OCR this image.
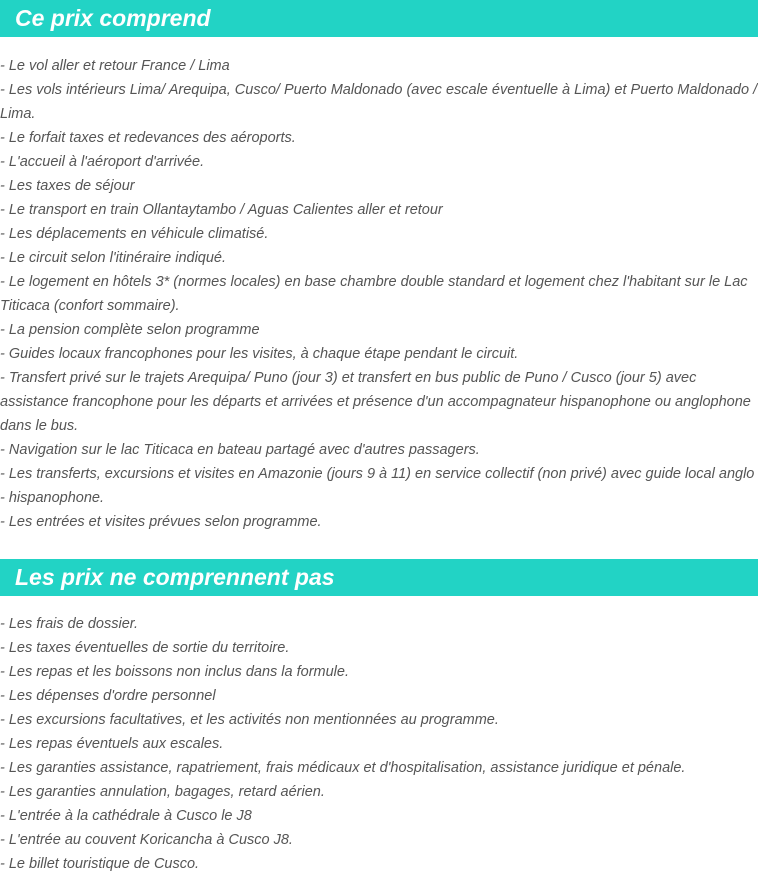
Ce prix comprend
- Le vol aller et retour France / Lima
- Les vols intérieurs Lima/ Arequipa, Cusco/ Puerto Maldonado (avec escale éventuelle à Lima) et Puerto Maldonado / Lima.
- Le forfait taxes et redevances des aéroports.
- L'accueil à l'aéroport d'arrivée.
- Les taxes de séjour
- Le transport en train Ollantaytambo / Aguas Calientes aller et retour
- Les déplacements en véhicule climatisé.
- Le circuit selon l'itinéraire indiqué.
- Le logement en hôtels 3* (normes locales) en base chambre double standard et logement chez l'habitant sur le Lac Titicaca (confort sommaire).
- La pension complète selon programme
- Guides locaux francophones pour les visites, à chaque étape pendant le circuit.
- Transfert privé sur le trajets Arequipa/ Puno (jour 3) et transfert en bus public de Puno / Cusco (jour 5) avec assistance francophone pour les départs et arrivées et présence d'un accompagnateur hispanophone ou anglophone dans le bus.
- Navigation sur le lac Titicaca en bateau partagé avec d'autres passagers.
- Les transferts, excursions et visites en Amazonie (jours 9 à 11) en service collectif (non privé) avec guide local anglo - hispanophone.
- Les entrées et visites prévues selon programme.
Les prix ne comprennent pas
- Les frais de dossier.
- Les taxes éventuelles de sortie du territoire.
- Les repas et les boissons non inclus dans la formule.
- Les dépenses d'ordre personnel
- Les excursions facultatives, et les activités non mentionnées au programme.
- Les repas éventuels aux escales.
- Les garanties assistance, rapatriement, frais médicaux et d'hospitalisation, assistance juridique et pénale.
- Les garanties annulation, bagages, retard aérien.
- L'entrée à la cathédrale à Cusco le J8
- L'entrée au couvent Koricancha à Cusco J8.
- Le billet touristique de Cusco.
